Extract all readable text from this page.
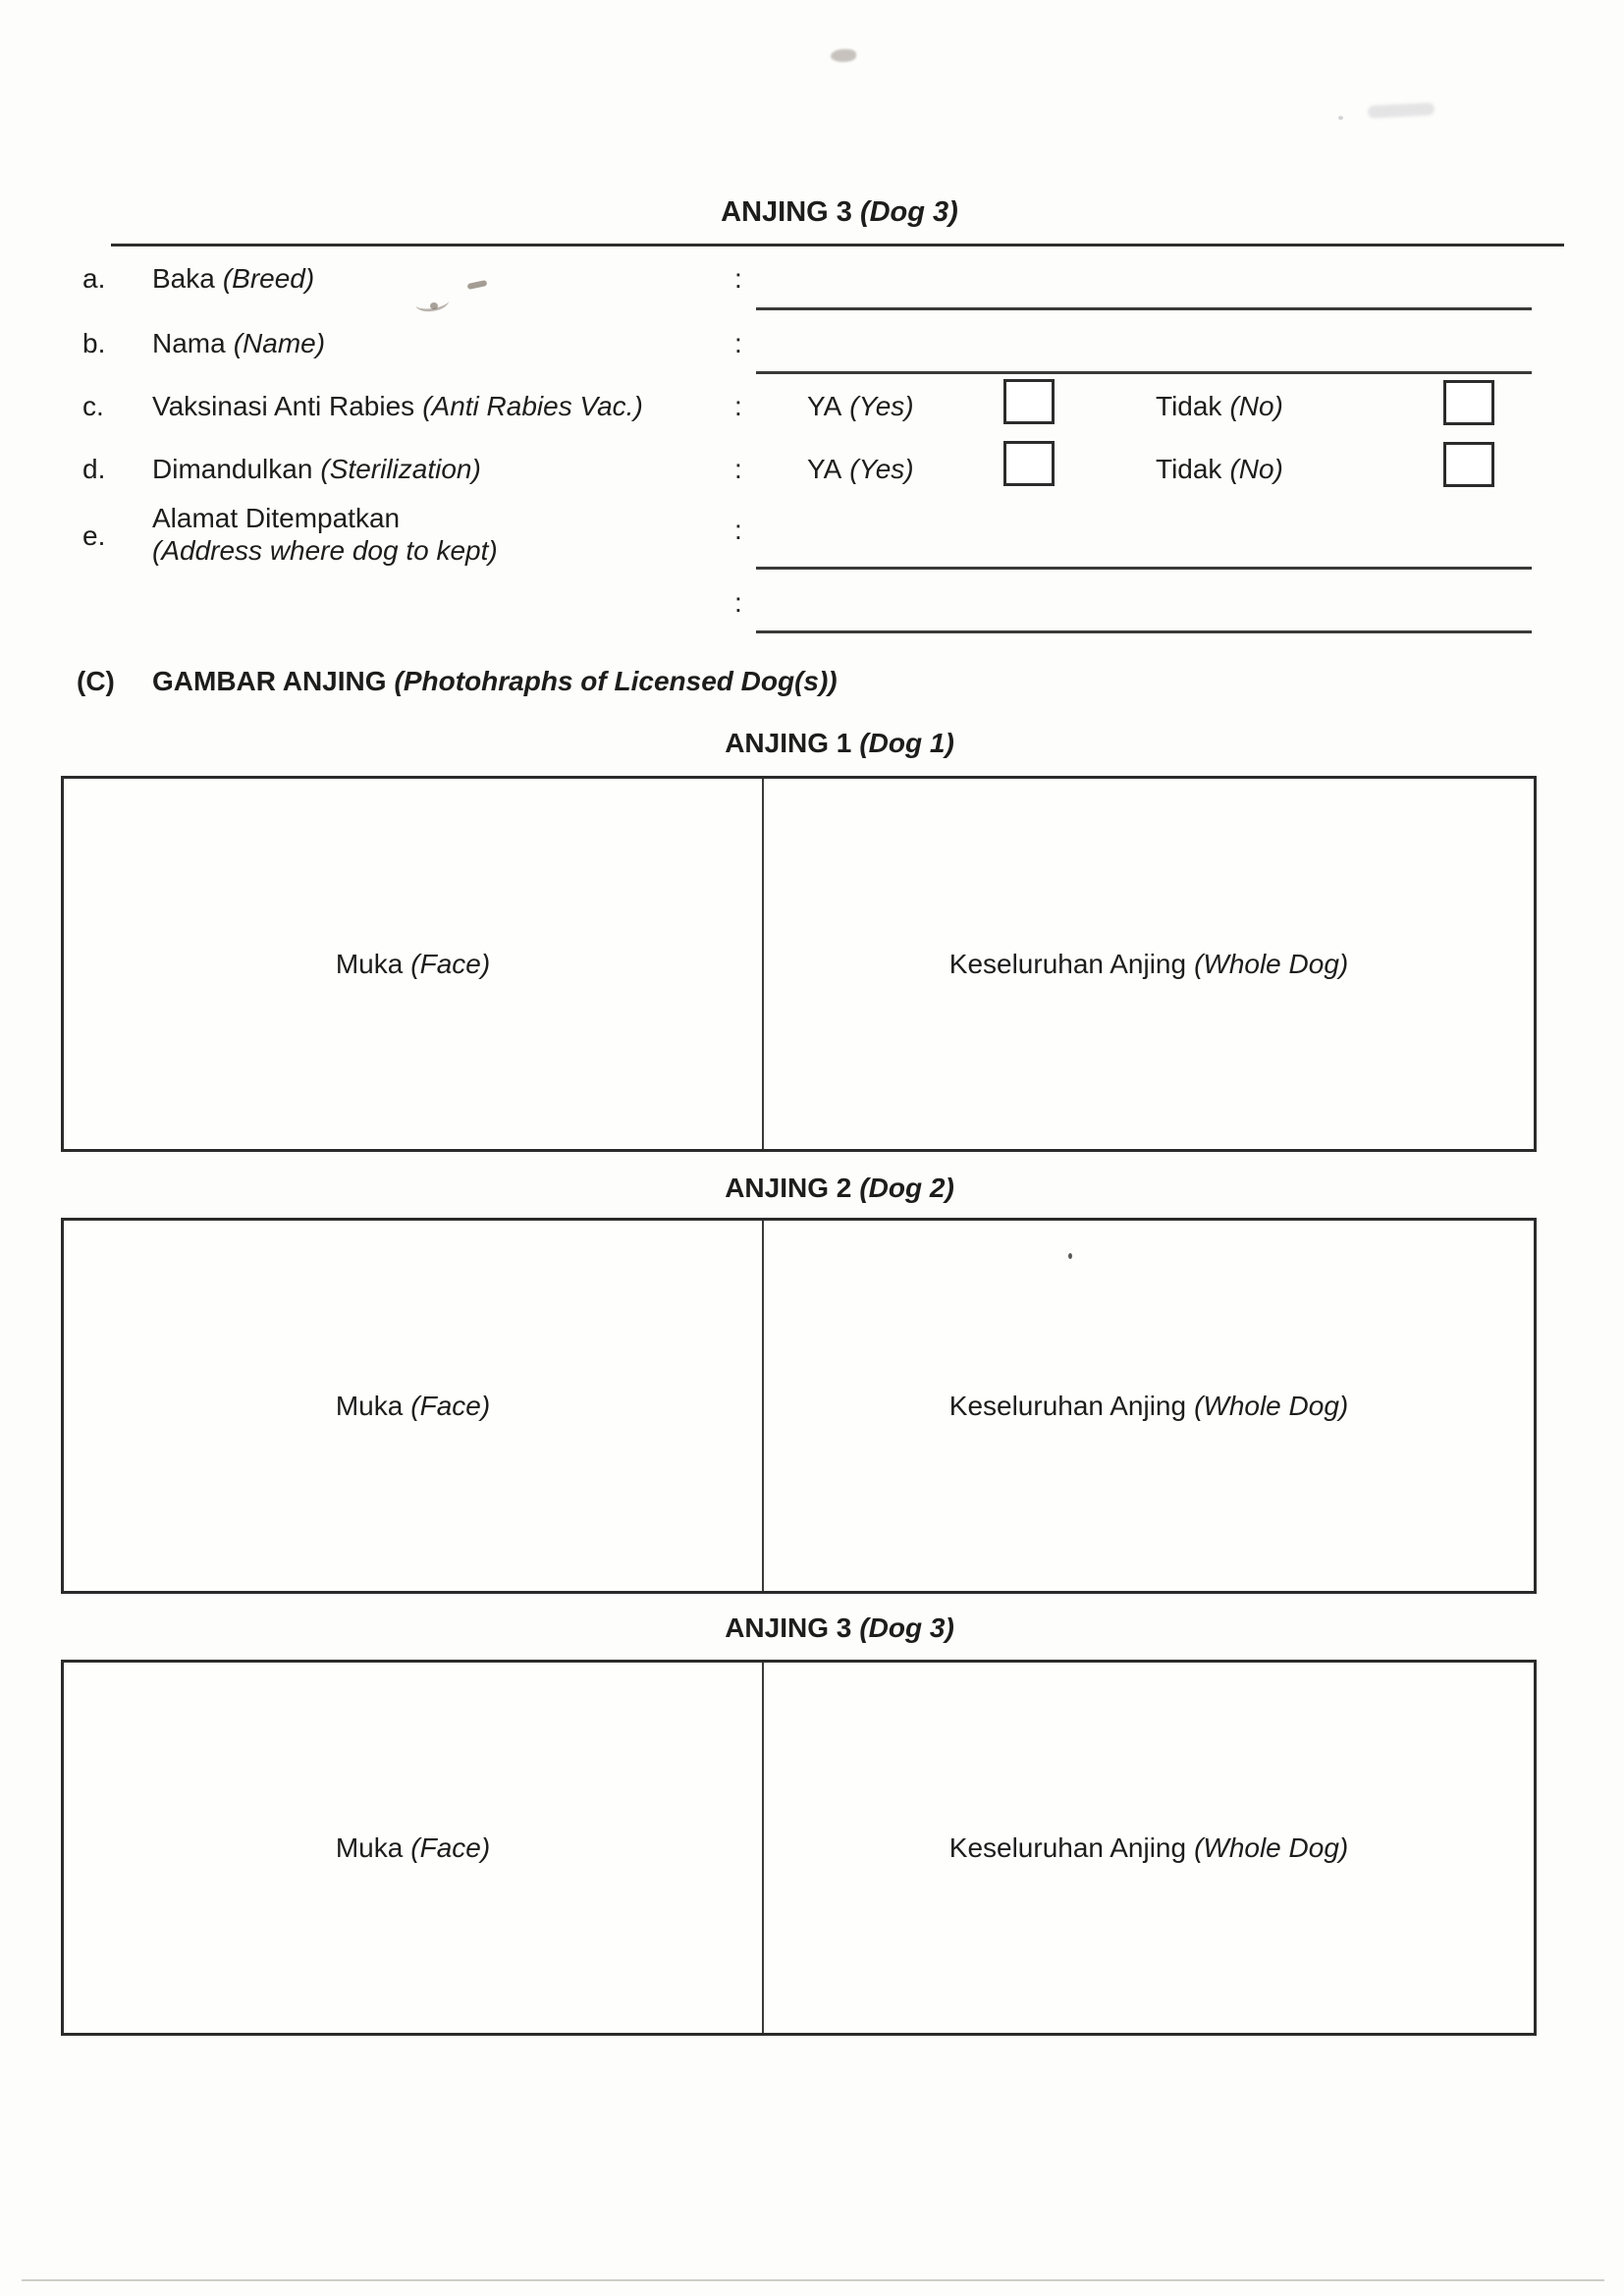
ANJING 3 (Dog 3)
a. Baka (Breed)	:
b. Nama (Name)	:
c. Vaksinasi Anti Rabies (Anti Rabies Vac.)	: YA (Yes)	Tidak (No)
d. Dimandulkan (Sterilization)	: YA (Yes)	Tidak (No)
e.
Alamat Ditempatkan
(Address where dog to kept)
:
:
(C) GAMBAR ANJING (Photohraphs of Licensed Dog(s))
ANJING 1 (Dog 1)
Muka (Face)	Keseluruhan Anjing (Whole Dog)
ANJING 2 (Dog 2)
Muka (Face)	Keseluruhan Anjing (Whole Dog)
ANJING 3 (Dog 3)
Muka (Face)	Keseluruhan Anjing (Whole Dog)
